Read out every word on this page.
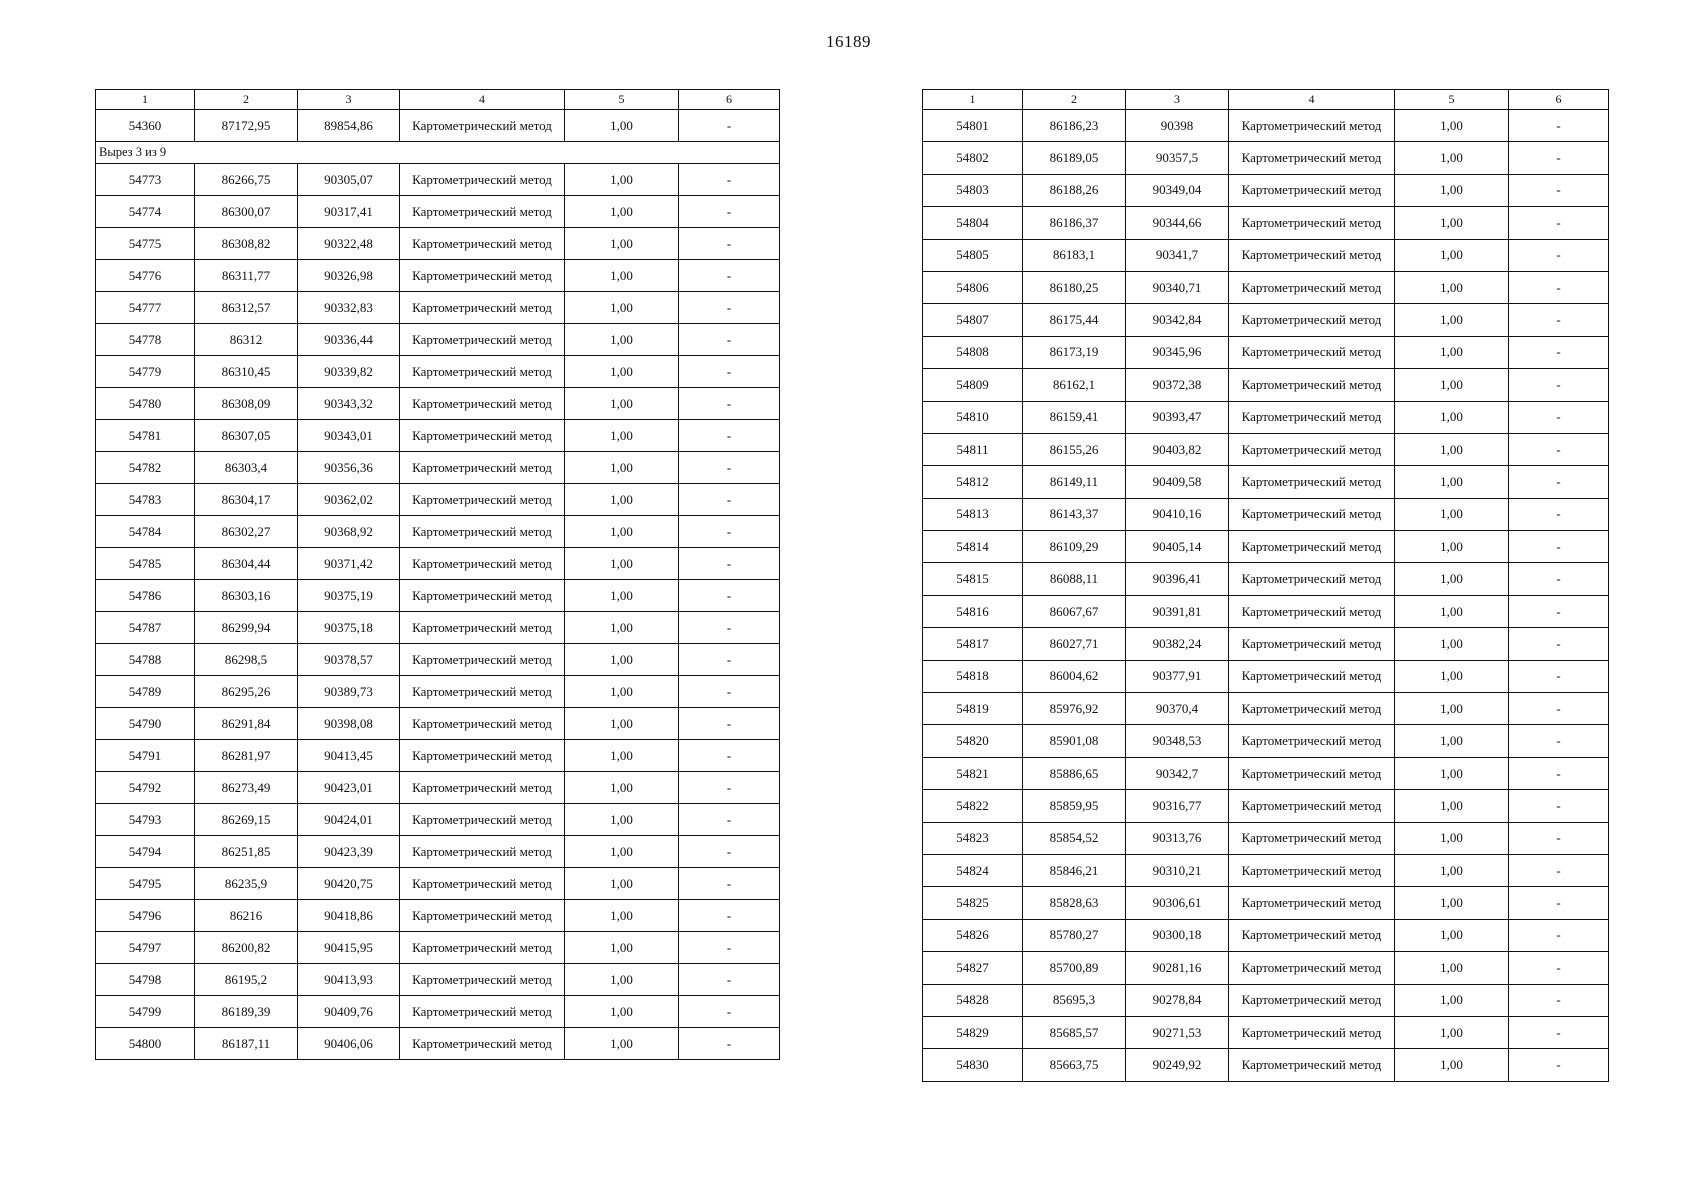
16189
1	2	3	4	5	6
54360	87172,95	89854,86	Картометрический метод	1,00	-
Вырез 3 из 9					
54773	86266,75	90305,07	Картометрический метод	1,00	-
54774	86300,07	90317,41	Картометрический метод	1,00	-
54775	86308,82	90322,48	Картометрический метод	1,00	-
54776	86311,77	90326,98	Картометрический метод	1,00	-
54777	86312,57	90332,83	Картометрический метод	1,00	-
54778	86312	90336,44	Картометрический метод	1,00	-
54779	86310,45	90339,82	Картометрический метод	1,00	-
54780	86308,09	90343,32	Картометрический метод	1,00	-
54781	86307,05	90343,01	Картометрический метод	1,00	-
54782	86303,4	90356,36	Картометрический метод	1,00	-
54783	86304,17	90362,02	Картометрический метод	1,00	-
54784	86302,27	90368,92	Картометрический метод	1,00	-
54785	86304,44	90371,42	Картометрический метод	1,00	-
54786	86303,16	90375,19	Картометрический метод	1,00	-
54787	86299,94	90375,18	Картометрический метод	1,00	-
54788	86298,5	90378,57	Картометрический метод	1,00	-
54789	86295,26	90389,73	Картометрический метод	1,00	-
54790	86291,84	90398,08	Картометрический метод	1,00	-
54791	86281,97	90413,45	Картометрический метод	1,00	-
54792	86273,49	90423,01	Картометрический метод	1,00	-
54793	86269,15	90424,01	Картометрический метод	1,00	-
54794	86251,85	90423,39	Картометрический метод	1,00	-
54795	86235,9	90420,75	Картометрический метод	1,00	-
54796	86216	90418,86	Картометрический метод	1,00	-
54797	86200,82	90415,95	Картометрический метод	1,00	-
54798	86195,2	90413,93	Картометрический метод	1,00	-
54799	86189,39	90409,76	Картометрический метод	1,00	-
54800	86187,11	90406,06	Картометрический метод	1,00	-
1	2	3	4	5	6
54801	86186,23	90398	Картометрический метод	1,00	-
54802	86189,05	90357,5	Картометрический метод	1,00	-
54803	86188,26	90349,04	Картометрический метод	1,00	-
54804	86186,37	90344,66	Картометрический метод	1,00	-
54805	86183,1	90341,7	Картометрический метод	1,00	-
54806	86180,25	90340,71	Картометрический метод	1,00	-
54807	86175,44	90342,84	Картометрический метод	1,00	-
54808	86173,19	90345,96	Картометрический метод	1,00	-
54809	86162,1	90372,38	Картометрический метод	1,00	-
54810	86159,41	90393,47	Картометрический метод	1,00	-
54811	86155,26	90403,82	Картометрический метод	1,00	-
54812	86149,11	90409,58	Картометрический метод	1,00	-
54813	86143,37	90410,16	Картометрический метод	1,00	-
54814	86109,29	90405,14	Картометрический метод	1,00	-
54815	86088,11	90396,41	Картометрический метод	1,00	-
54816	86067,67	90391,81	Картометрический метод	1,00	-
54817	86027,71	90382,24	Картометрический метод	1,00	-
54818	86004,62	90377,91	Картометрический метод	1,00	-
54819	85976,92	90370,4	Картометрический метод	1,00	-
54820	85901,08	90348,53	Картометрический метод	1,00	-
54821	85886,65	90342,7	Картометрический метод	1,00	-
54822	85859,95	90316,77	Картометрический метод	1,00	-
54823	85854,52	90313,76	Картометрический метод	1,00	-
54824	85846,21	90310,21	Картометрический метод	1,00	-
54825	85828,63	90306,61	Картометрический метод	1,00	-
54826	85780,27	90300,18	Картометрический метод	1,00	-
54827	85700,89	90281,16	Картометрический метод	1,00	-
54828	85695,3	90278,84	Картометрический метод	1,00	-
54829	85685,57	90271,53	Картометрический метод	1,00	-
54830	85663,75	90249,92	Картометрический метод	1,00	-
